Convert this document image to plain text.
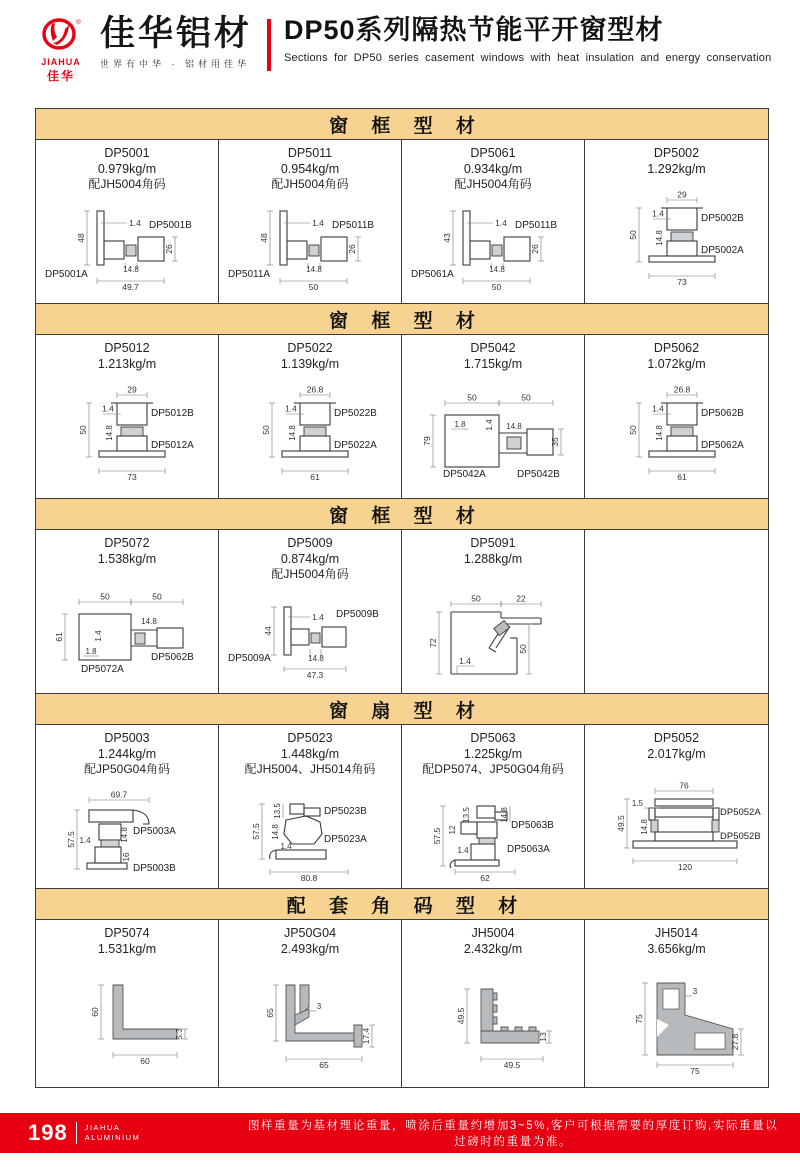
®
JIAHUA
佳华
佳华铝材
世界有中华 · 铝材用佳华
DP50系列隔热节能平开窗型材
Sections for DP50 series casement windows with heat insulation and energy conservation
窗 框 型 材
DP5001
0.979kg/m
配JH5004角码
1.4
48
26
14.8
49.7
DP5001A
DP5001B
DP5011
0.954kg/m
配JH5004角码
1.4
48
26
14.8
50
DP5011A
DP5011B
DP5061
0.934kg/m
配JH5004角码
1.4
43
26
14.8
50
DP5061A
DP5011B
DP5002
1.292kg/m
29
1.4
50 14.8
73
DP5002B
DP5002A
窗 框 型 材
DP5012
1.213kg/m
29
1.4
50 14.8
73
DP5012B
DP5012A
DP5022
1.139kg/m
26.8
1.4
50 14.8
61
DP5022B
DP5022A
DP5042
1.715kg/m
50	50
1.8 1.4 14.8
79	35
DP5042A	DP5042B
DP5062
1.072kg/m
26.8
1.4
50 14.8
61
DP5062B
DP5062A
窗 框 型 材
DP5072
1.538kg/m
50	50
14.8
1.4
61
1.8
DP5072A
DP5062B
DP5009
0.874kg/m
配JH5004角码
1.4
44
14.8
47.3
DP5009A
DP5009B
DP5091
1.288kg/m
50	22
72
50
1.4
窗 扇 型 材
DP5003
1.244kg/m
配JP50G04角码
69.7
57.5 1.4	14.8
16
DP5003A
DP5003B
DP5023
1.448kg/m
配JH5004、JH5014角码
13.5
14.8
57.5
1.4
80.8
DP5023B
DP5023A
DP5063
1.225kg/m
配DP5074、JP50G04角码
14.8
13.5
12
57.5
1.4
62
DP5063B
DP5063A
DP5052
2.017kg/m
76
1.5
49.5 14.8
120
DP5052A
DP5052B
配 套 角 码 型 材
DP5074
1.531kg/m
60
5.3
60
JP50G04
2.493kg/m
65
3
17.4
65
JH5004
2.432kg/m
49.5
13
49.5
JH5014
3.656kg/m
75
3
27.8
75
198 JIAHUA
ALUMINIUM
图样重量为基材理论重量，喷涂后重量约增加3~5%,客户可根据需要的厚度订购,实际重量以过磅时的重量为准。
